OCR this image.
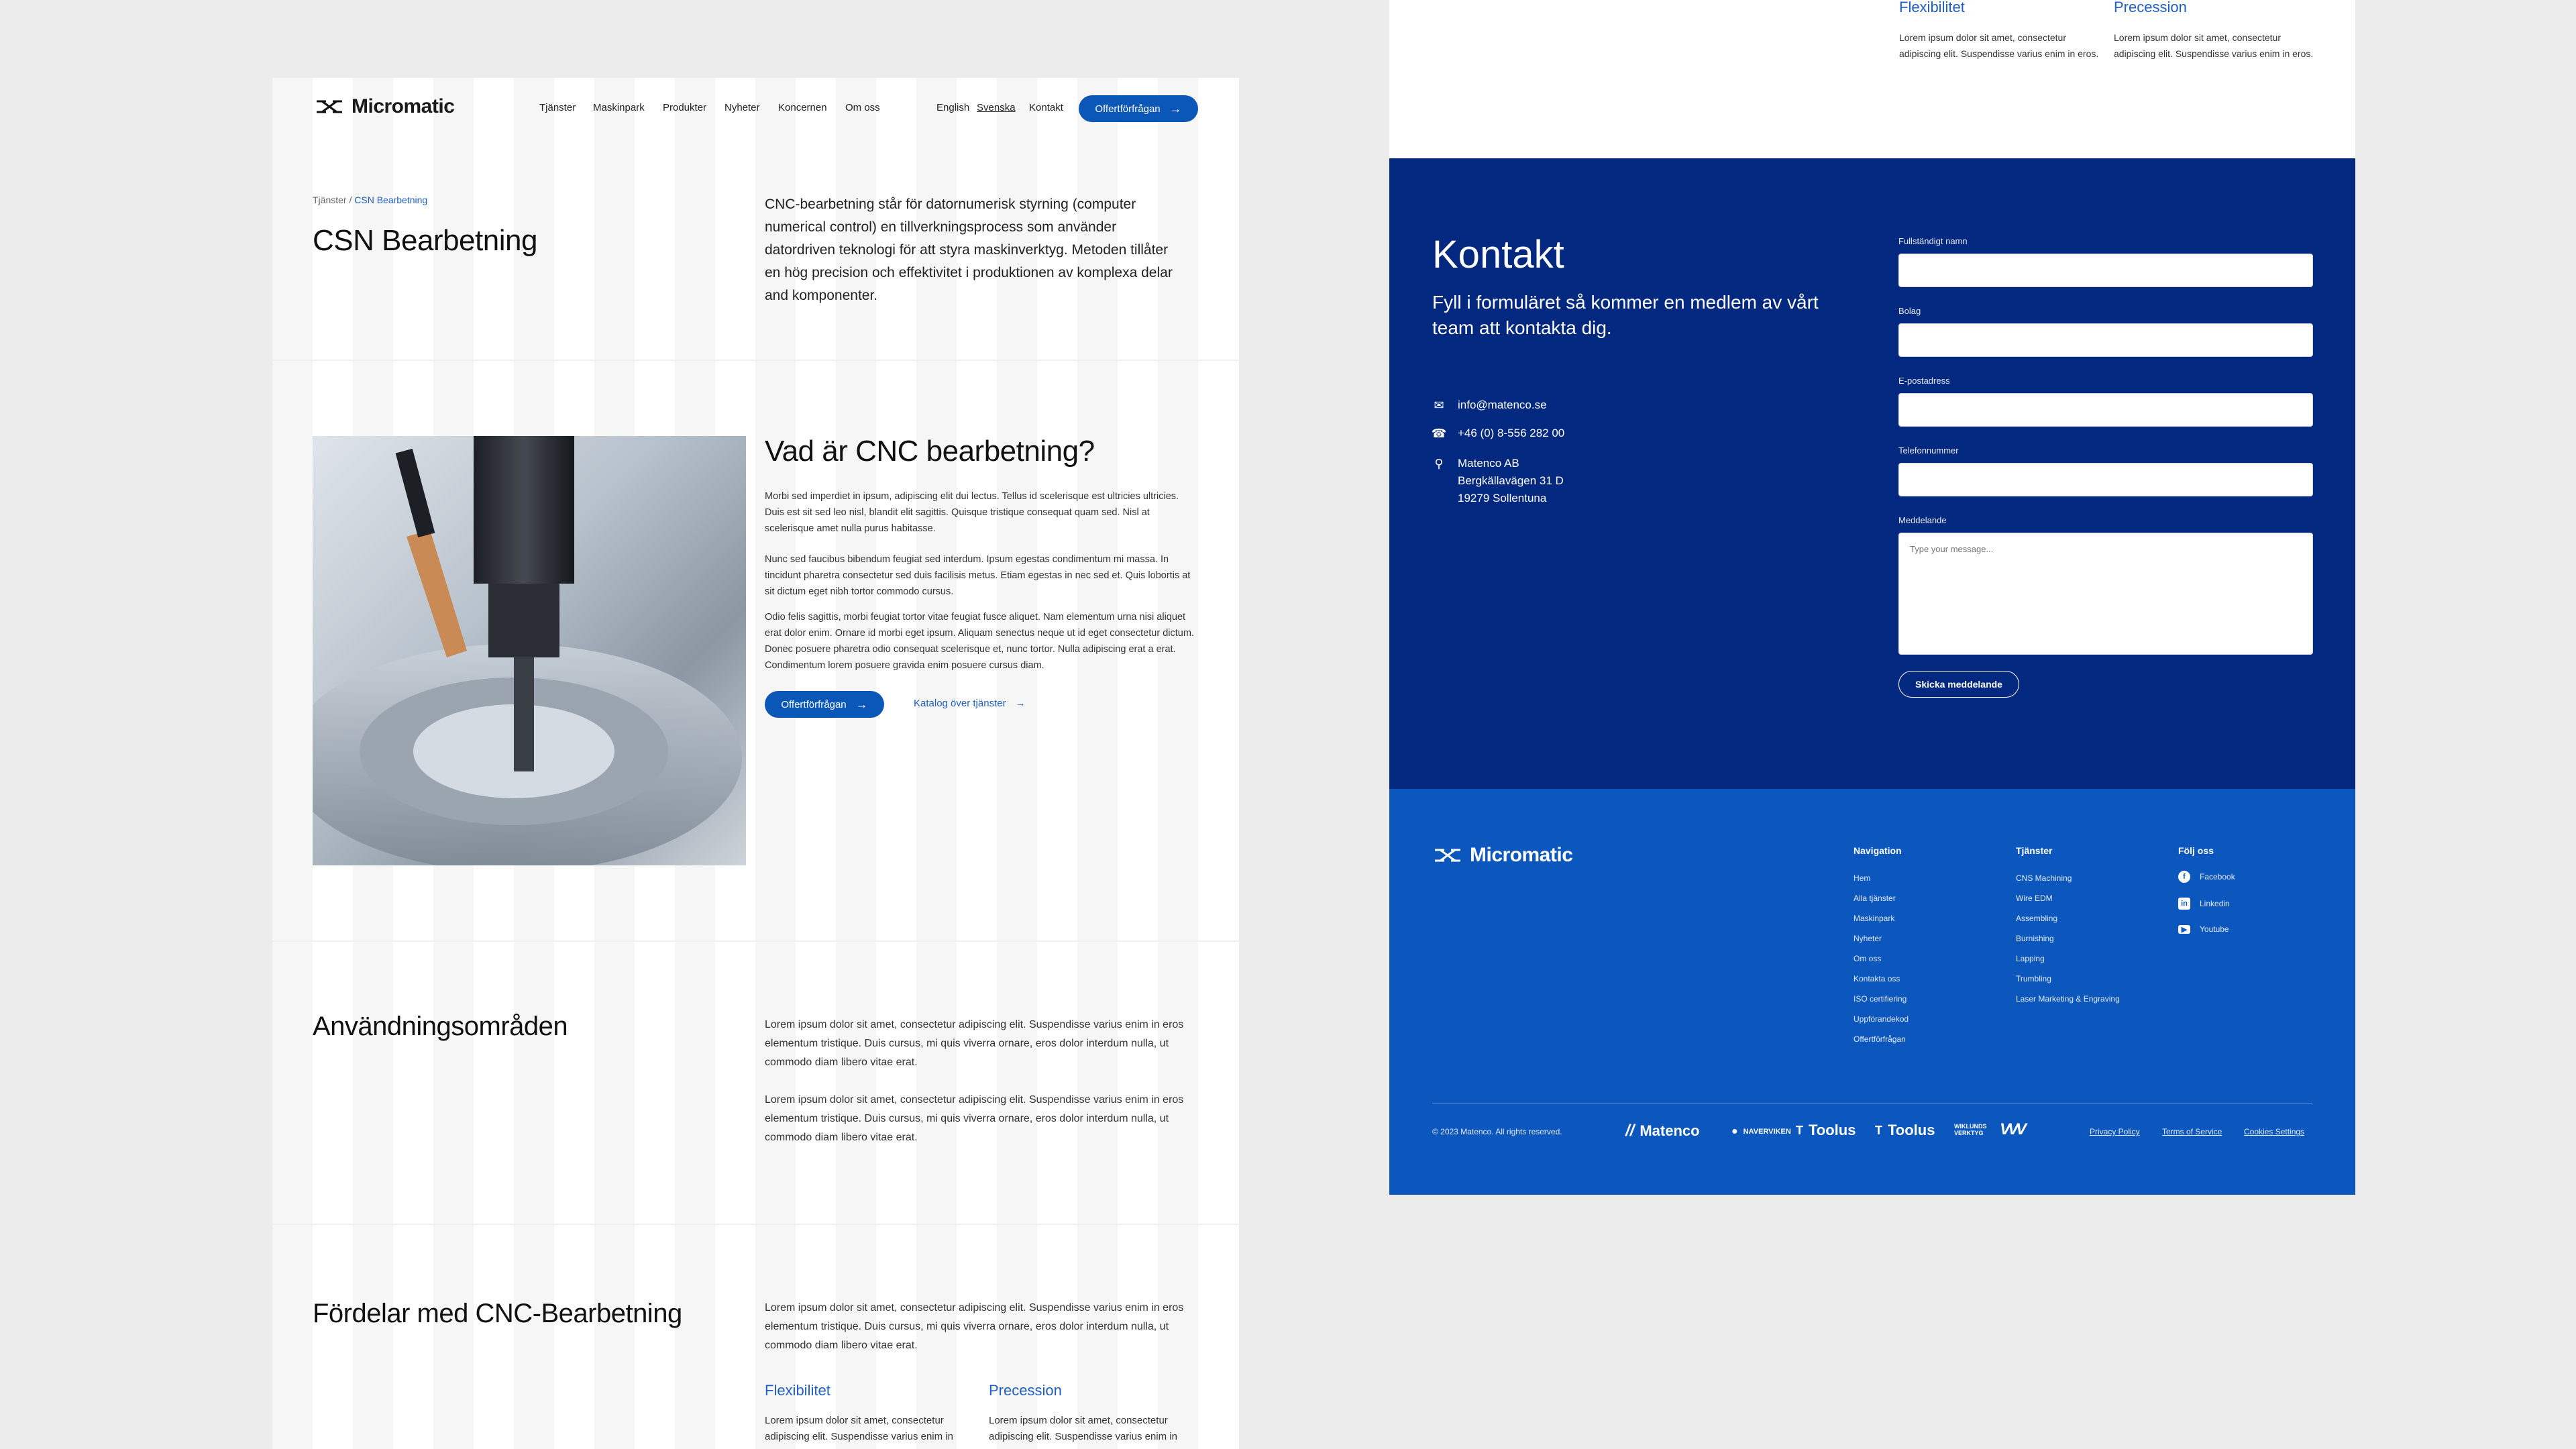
Micromatic	Tjänster Maskinpark Produkter Nyheter Koncernen Om oss	English Svenska Kontakt	Offertförfrågan →
Tjänster / CSN Bearbetning
CSN Bearbetning
CNC-bearbetning står för datornumerisk styrning (computer numerical control) en tillverkningsprocess som använder datordriven teknologi för att styra maskinverktyg. Metoden tillåter en hög precision och effektivitet i produktionen av komplexa delar and komponenter.
Vad är CNC bearbetning?
Morbi sed imperdiet in ipsum, adipiscing elit dui lectus. Tellus id scelerisque est ultricies ultricies. Duis est sit sed leo nisl, blandit elit sagittis. Quisque tristique consequat quam sed. Nisl at scelerisque amet nulla purus habitasse.
Nunc sed faucibus bibendum feugiat sed interdum. Ipsum egestas condimentum mi massa. In tincidunt pharetra consectetur sed duis facilisis metus. Etiam egestas in nec sed et. Quis lobortis at sit dictum eget nibh tortor commodo cursus.
Odio felis sagittis, morbi feugiat tortor vitae feugiat fusce aliquet. Nam elementum urna nisi aliquet erat dolor enim. Ornare id morbi eget ipsum. Aliquam senectus neque ut id eget consectetur dictum. Donec posuere pharetra odio consequat scelerisque et, nunc tortor. Nulla adipiscing erat a erat. Condimentum lorem posuere gravida enim posuere cursus diam.
Offertförfrågan →	Katalog över tjänster →
Användningsområden	Lorem ipsum dolor sit amet, consectetur adipiscing elit. Suspendisse varius enim in eros elementum tristique. Duis cursus, mi quis viverra ornare, eros dolor interdum nulla, ut commodo diam libero vitae erat.
Lorem ipsum dolor sit amet, consectetur adipiscing elit. Suspendisse varius enim in eros elementum tristique. Duis cursus, mi quis viverra ornare, eros dolor interdum nulla, ut commodo diam libero vitae erat.
Fördelar med CNC-Bearbetning	Lorem ipsum dolor sit amet, consectetur adipiscing elit. Suspendisse varius enim in eros elementum tristique. Duis cursus, mi quis viverra ornare, eros dolor interdum nulla, ut commodo diam libero vitae erat.
Flexibilitet
Lorem ipsum dolor sit amet, consectetur adipiscing elit. Suspendisse varius enim in
Precession
Lorem ipsum dolor sit amet, consectetur adipiscing elit. Suspendisse varius enim in
Flexibilitet
Lorem ipsum dolor sit amet, consectetur adipiscing elit. Suspendisse varius enim in eros.
Precession
Lorem ipsum dolor sit amet, consectetur adipiscing elit. Suspendisse varius enim in eros.
Kontakt
Fyll i formuläret så kommer en medlem av vårt team att kontakta dig.
✉ info@matenco.se
☎ +46 (0) 8-556 282 00
⚲ Matenco AB
Bergkällavägen 31 D
19279 Sollentuna
Fullständigt namn
Bolag
E-postadress
Telefonnummer
Meddelande
Type your message...
Skicka meddelande
Micromatic	Navigation
Hem
Alla tjänster
Maskinpark
Nyheter
Om oss
Kontakta oss
ISO certifiering
Uppförandekod
Offertförfrågan
Tjänster
CNS Machining
Wire EDM
Assembling
Burnishing
Lapping
Trumbling
Laser Marketing & Engraving
Följ oss
f	Facebook
in	Linkedin
▶	Youtube
© 2023 Matenco. All rights reserved.	// Matenco	● NAVERVIKEN T Toolus T Toolus	WIKLUNDS VERKTYG	VVV	Privacy Policy	Terms of Service	Cookies Settings
